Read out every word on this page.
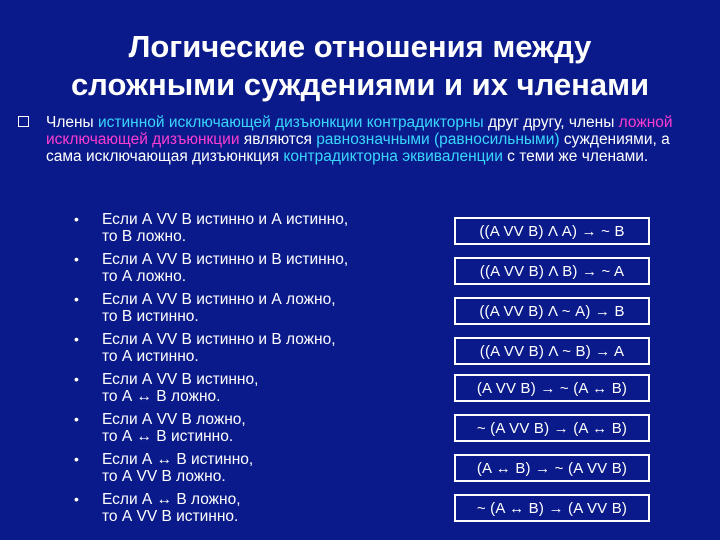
Логические отношения между
сложными суждениями и их членами
Члены истинной исключающей дизъюнкции контрадикторны друг другу, члены ложной исключающей дизъюнкции являются равнозначными (равносильными) суждениями, а сама исключающая дизъюнкция контрадикторна эквиваленции с теми же членами.
• Если А VV В истинно и А истинно,
то В ложно.
• Если А VV В истинно и В истинно,
то А ложно.
• Если А VV В истинно и А ложно,
то В истинно.
• Если А VV В истинно и В ложно,
то А истинно.
• Если А VV В истинно,
то А ↔ В ложно.
• Если А VV В ложно,
то А ↔ В истинно.
• Если А ↔ В истинно,
то А VV В ложно.
• Если А ↔ В ложно,
то А VV В истинно.
((A VV B) Λ A) → ~ B
((A VV B) Λ B) → ~ A
((A VV B) Λ ~ A) → B
((A VV B) Λ ~ B) → A
(A VV B) → ~ (A ↔ B)
~ (A VV B) → (A ↔ B)
(A ↔ B) → ~ (A VV B)
~ (A ↔ B) → (A VV B)
